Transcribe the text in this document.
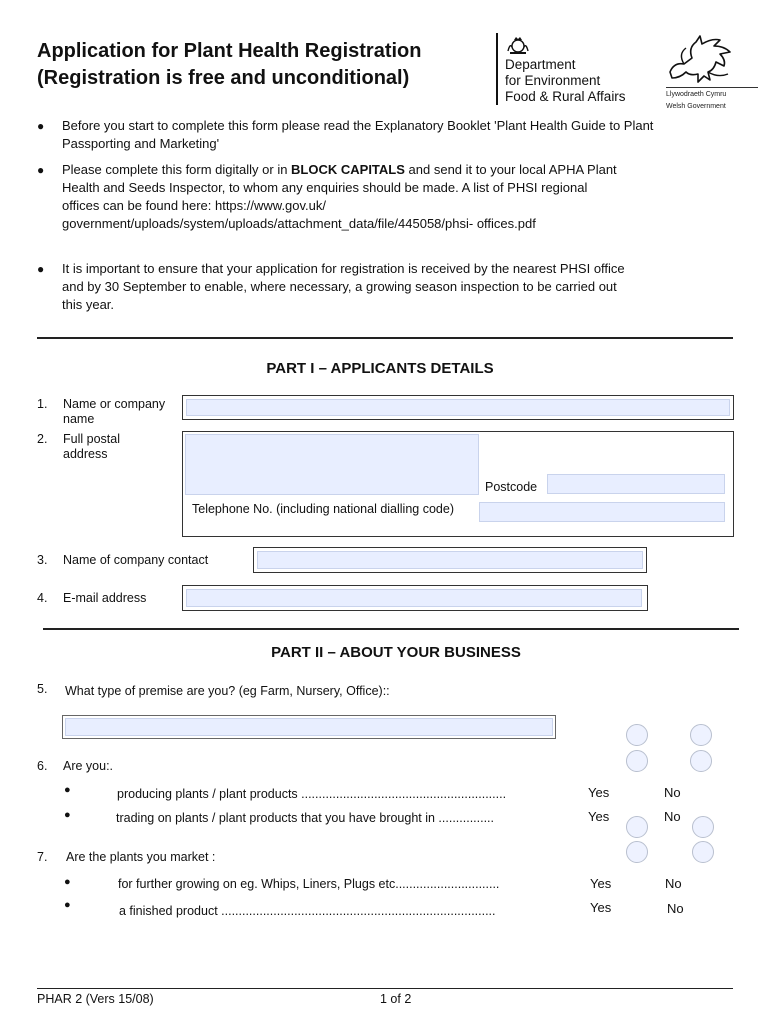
Application for Plant Health Registration
(Registration is free and unconditional)
Department
for Environment
Food & Rural Affairs	Llywodraeth Cymru
Welsh Government
● Before you start to complete this form please read the Explanatory Booklet 'Plant Health Guide to Plant Passporting and Marketing'
● Please complete this form digitally or in BLOCK CAPITALS and send it to your local APHA Plant Health and Seeds Inspector, to whom any enquiries should be made. A list of PHSI regional offices can be found here: https://www.gov.uk/ government/uploads/system/uploads/attachment_data/file/445058/phsi- offices.pdf
● It is important to ensure that your application for registration is received by the nearest PHSI office and by 30 September to enable, where necessary, a growing season inspection to be carried out this year.
PART I – APPLICANTS DETAILS
1. Name or company name
2. Full postal address
Postcode
Telephone No. (including national dialling code)
3. Name of company contact
4. E-mail address
PART II – ABOUT YOUR BUSINESS
5. What type of premise are you? (eg Farm, Nursery, Office)::
6. Are you:.
●	producing plants / plant products ...........................................................	Yes	No
●	trading on plants / plant products that you have brought in ................	Yes	No
7. Are the plants you market :
●	for further growing on eg. Whips, Liners, Plugs etc..............................	Yes	No
●	a finished product ...............................................................................	Yes	No
PHAR 2 (Vers 15/08)	1 of 2
